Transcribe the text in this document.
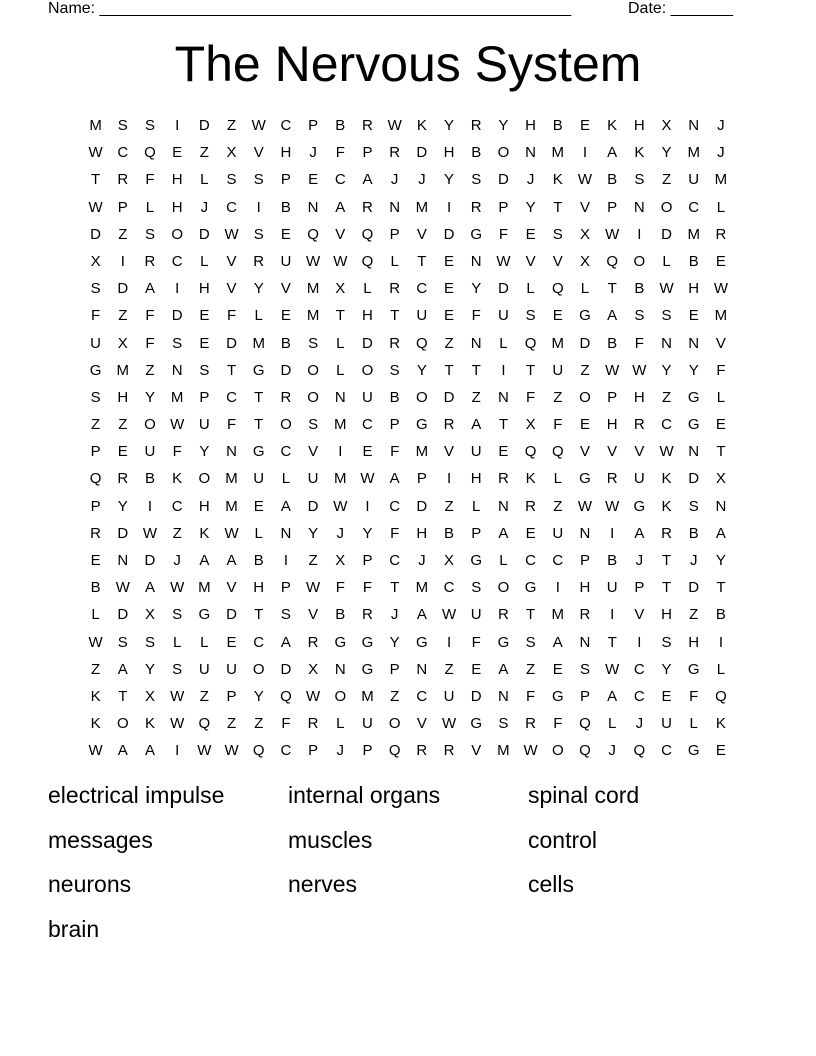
Name: _____________________________________________________	Date: _______
The Nervous System
M	S	S	I	D	Z	W C	P	B	R W	K	Y	R	Y	H	B	E	K	H	X	N	J
W C	Q	E	Z	X	V	H	J	F	P	R	D	H	B	O	N	M	I	A	K	Y	M	J
T	R	F	H	L	S	S	P	E	C	A	J	J	Y	S	D	J	K	W	B	S	Z	U	M
W	P	L	H	J	C	I	B	N	A	R	N	M	I	R	P	Y	T	V	P	N	O	C	L
D	Z	S	O	D W	S	E	Q	V	Q	P	V	D	G	F	E	S	X	W	I	D	M	R
X	I	R	C	L	V	R	U W W Q	L	T	E	N W	V	V	X	Q	O	L	B	E
S	D	A	I	H	V	Y	V	M	X	L	R	C	E	Y	D	L	Q	L	T	B	W H W
F	Z	F	D	E	F	L	E	M	T	H	T	U	E	F	U	S	E	G	A	S	S	E	M
U	X	F	S	E	D	M	B	S	L	D	R	Q	Z	N	L	Q	M	D	B	F	N	N	V
G	M	Z	N	S	T	G	D	O	L	O	S	Y	T	T	I	T	U	Z	W W	Y	Y	F
S	H	Y	M	P	C	T	R	O	N	U	B	O	D	Z	N	F	Z	O	P	H	Z	G	L
Z	Z	O W U	F	T	O	S	M	C	P	G	R	A	T	X	F	E	H	R	C	G	E
P	E	U	F	Y	N	G	C	V	I	E	F	M	V	U	E	Q	Q	V	V	V	W N	T
Q	R	B	K	O	M	U	L	U	M W	A	P	I	H	R	K	L	G	R	U	K	D	X
P	Y	I	C	H	M	E	A	D W	I	C	D	Z	L	N	R	Z	W W G	K	S	N
R	D W	Z	K	W	L	N	Y	J	Y	F	H	B	P	A	E	U	N	I	A	R	B	A
E	N	D	J	A	A	B	I	Z	X	P	C	J	X	G	L	C	C	P	B	J	T	J	Y
B	W	A	W M	V	H	P	W	F	F	T	M	C	S	O	G	I	H	U	P	T	D	T
L	D	X	S	G	D	T	S	V	B	R	J	A	W U	R	T	M	R	I	V	H	Z	B
W	S	S	L	L	E	C	A	R	G	G	Y	G	I	F	G	S	A	N	T	I	S	H	I
Z	A	Y	S	U	U	O	D	X	N	G	P	N	Z	E	A	Z	E	S	W C	Y	G	L
K	T	X	W	Z	P	Y	Q W O	M	Z	C	U	D	N	F	G	P	A	C	E	F	Q
K	O	K	W Q	Z	Z	F	R	L	U	O	V	W G	S	R	F	Q	L	J	U	L	K
W	A	A	I	W W Q	C	P	J	P	Q	R	R	V	M W O	Q	J	Q	C	G	E
electrical impulse	internal organs	spinal cord
messages	muscles	control
neurons	nerves	cells
brain
